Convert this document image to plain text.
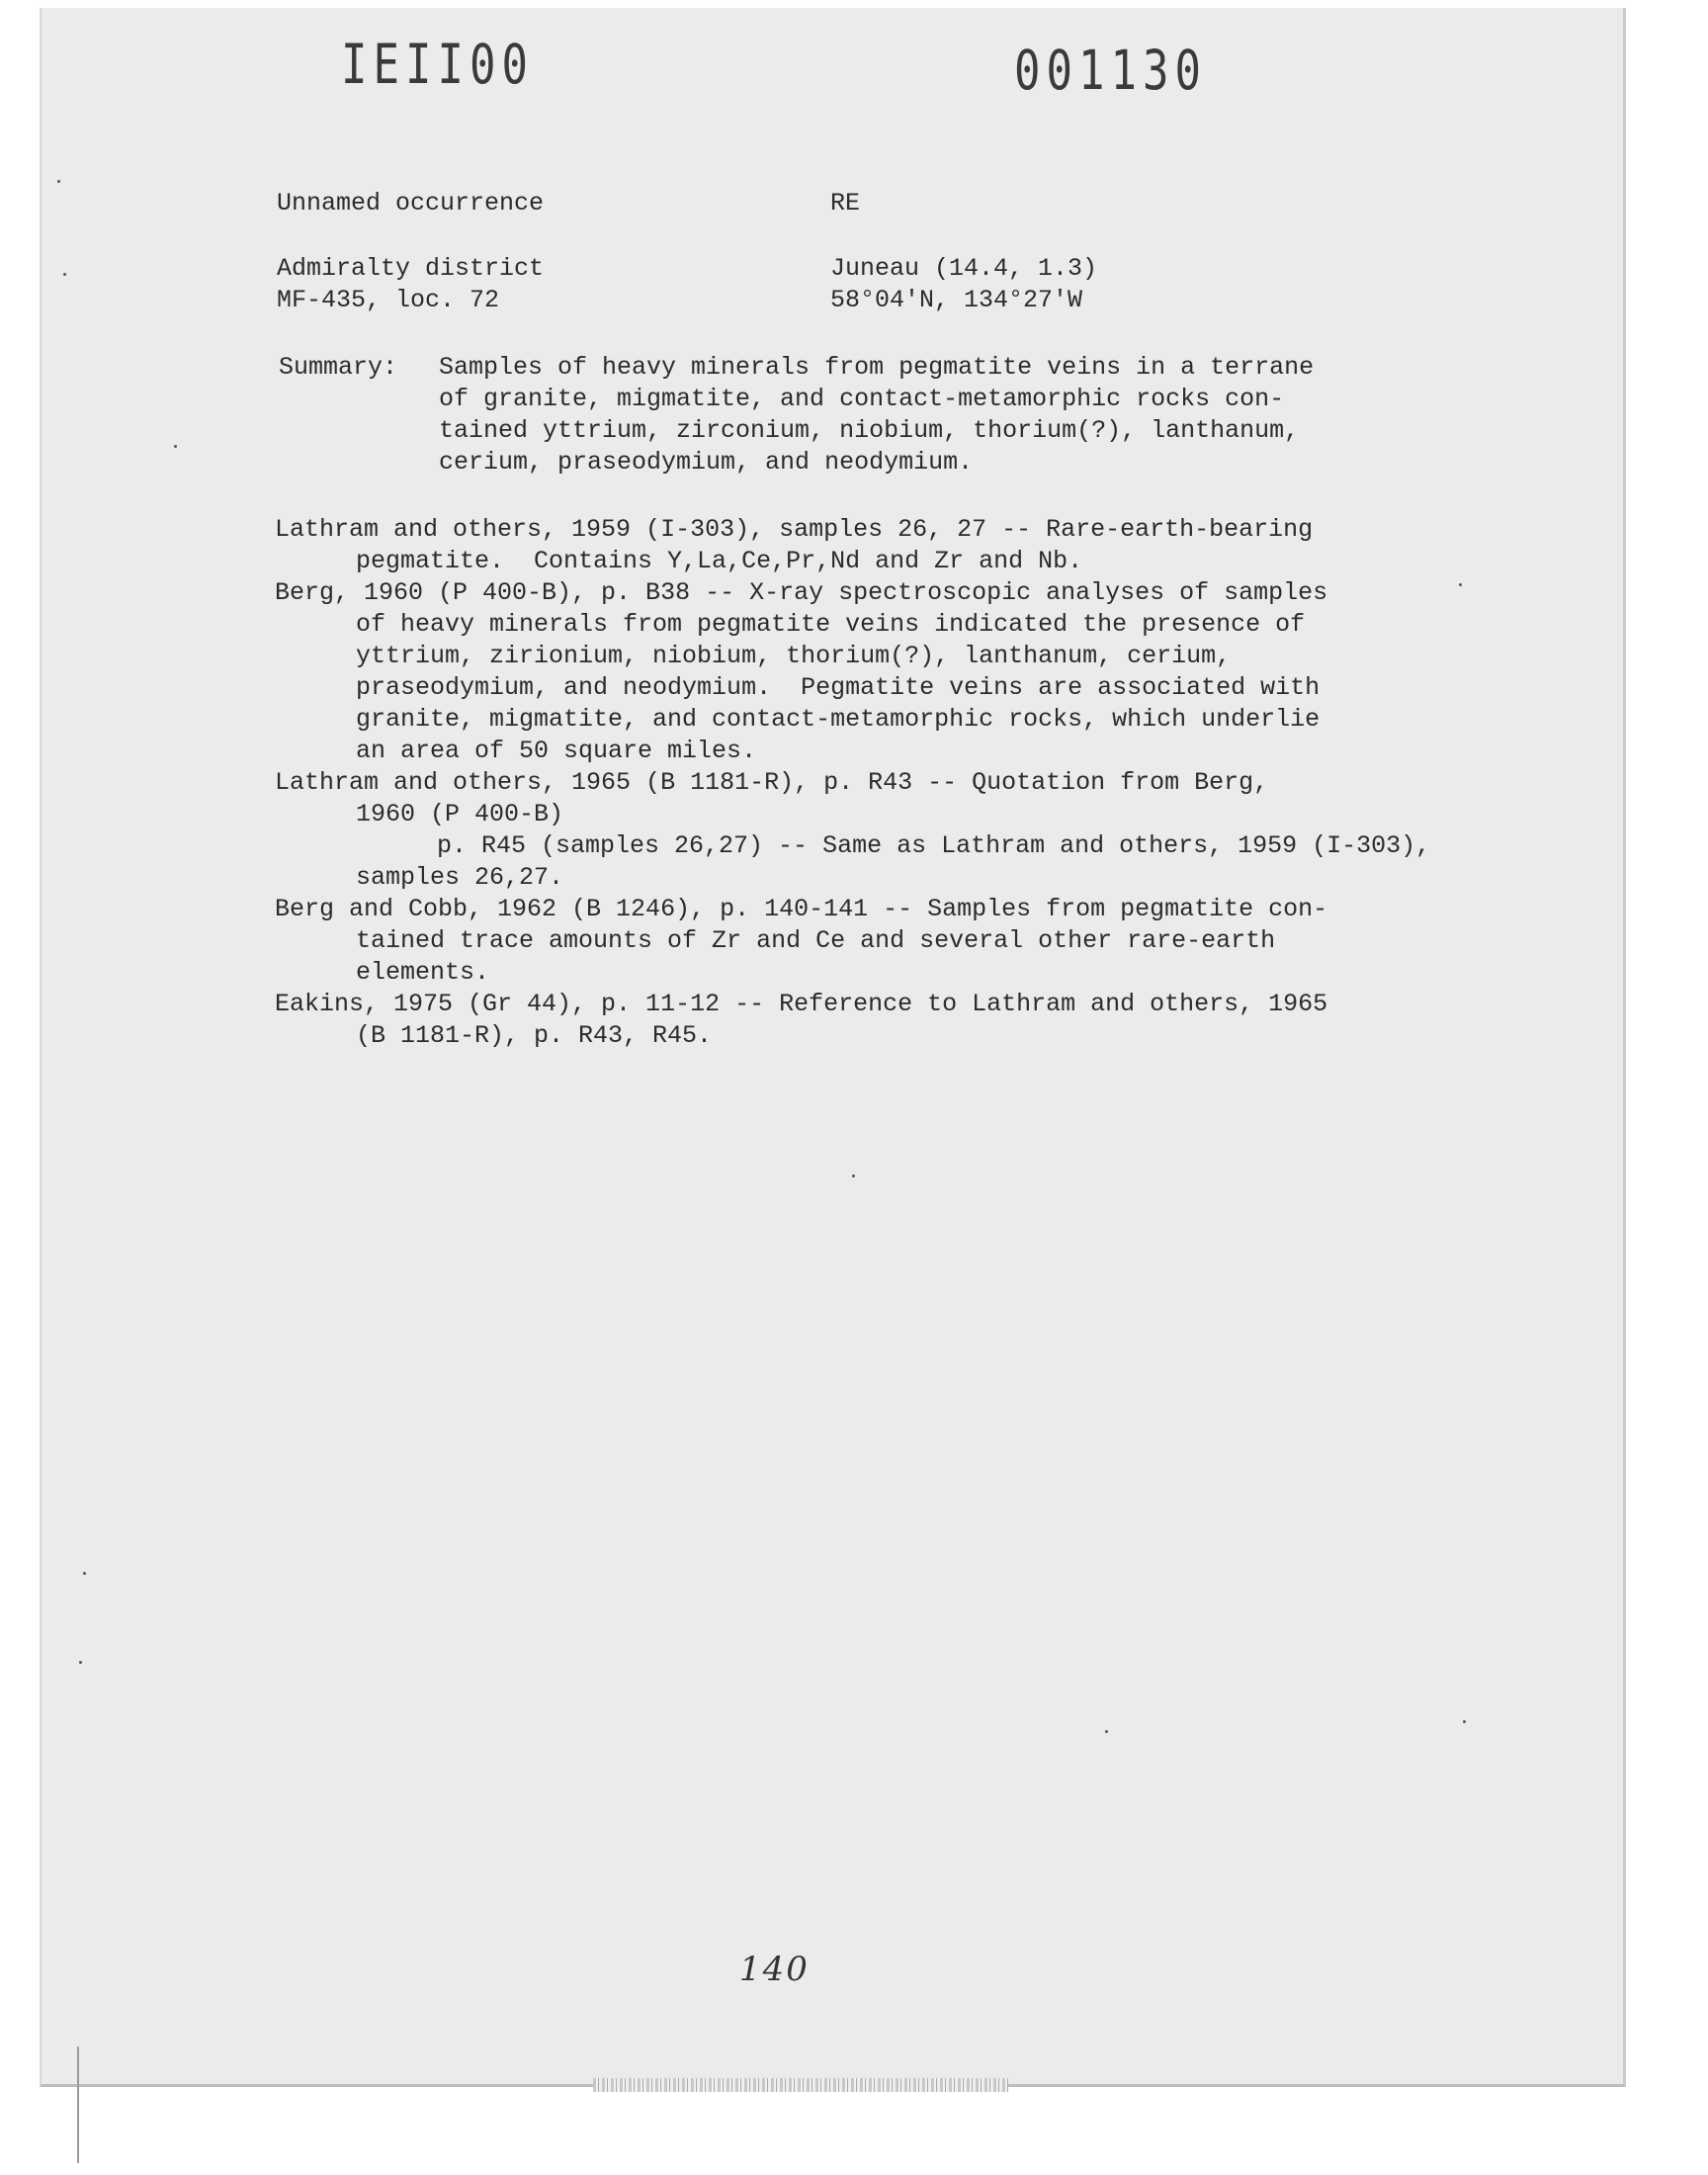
IEII00	001130
Unnamed occurrence	RE
Admiralty district	Juneau (14.4, 1.3)
MF-435, loc. 72	58°04'N, 134°27'W
Summary: Samples of heavy minerals from pegmatite veins in a terrane
of granite, migmatite, and contact-metamorphic rocks con-
tained yttrium, zirconium, niobium, thorium(?), lanthanum,
cerium, praseodymium, and neodymium.
Lathram and others, 1959 (I-303), samples 26, 27 -- Rare-earth-bearing
pegmatite.  Contains Y,La,Ce,Pr,Nd and Zr and Nb.
Berg, 1960 (P 400-B), p. B38 -- X-ray spectroscopic analyses of samples
of heavy minerals from pegmatite veins indicated the presence of
yttrium, zirionium, niobium, thorium(?), lanthanum, cerium,
praseodymium, and neodymium.  Pegmatite veins are associated with
granite, migmatite, and contact-metamorphic rocks, which underlie
an area of 50 square miles.
Lathram and others, 1965 (B 1181-R), p. R43 -- Quotation from Berg,
1960 (P 400-B)
p. R45 (samples 26,27) -- Same as Lathram and others, 1959 (I-303),
samples 26,27.
Berg and Cobb, 1962 (B 1246), p. 140-141 -- Samples from pegmatite con-
tained trace amounts of Zr and Ce and several other rare-earth
elements.
Eakins, 1975 (Gr 44), p. 11-12 -- Reference to Lathram and others, 1965
(B 1181-R), p. R43, R45.
140
